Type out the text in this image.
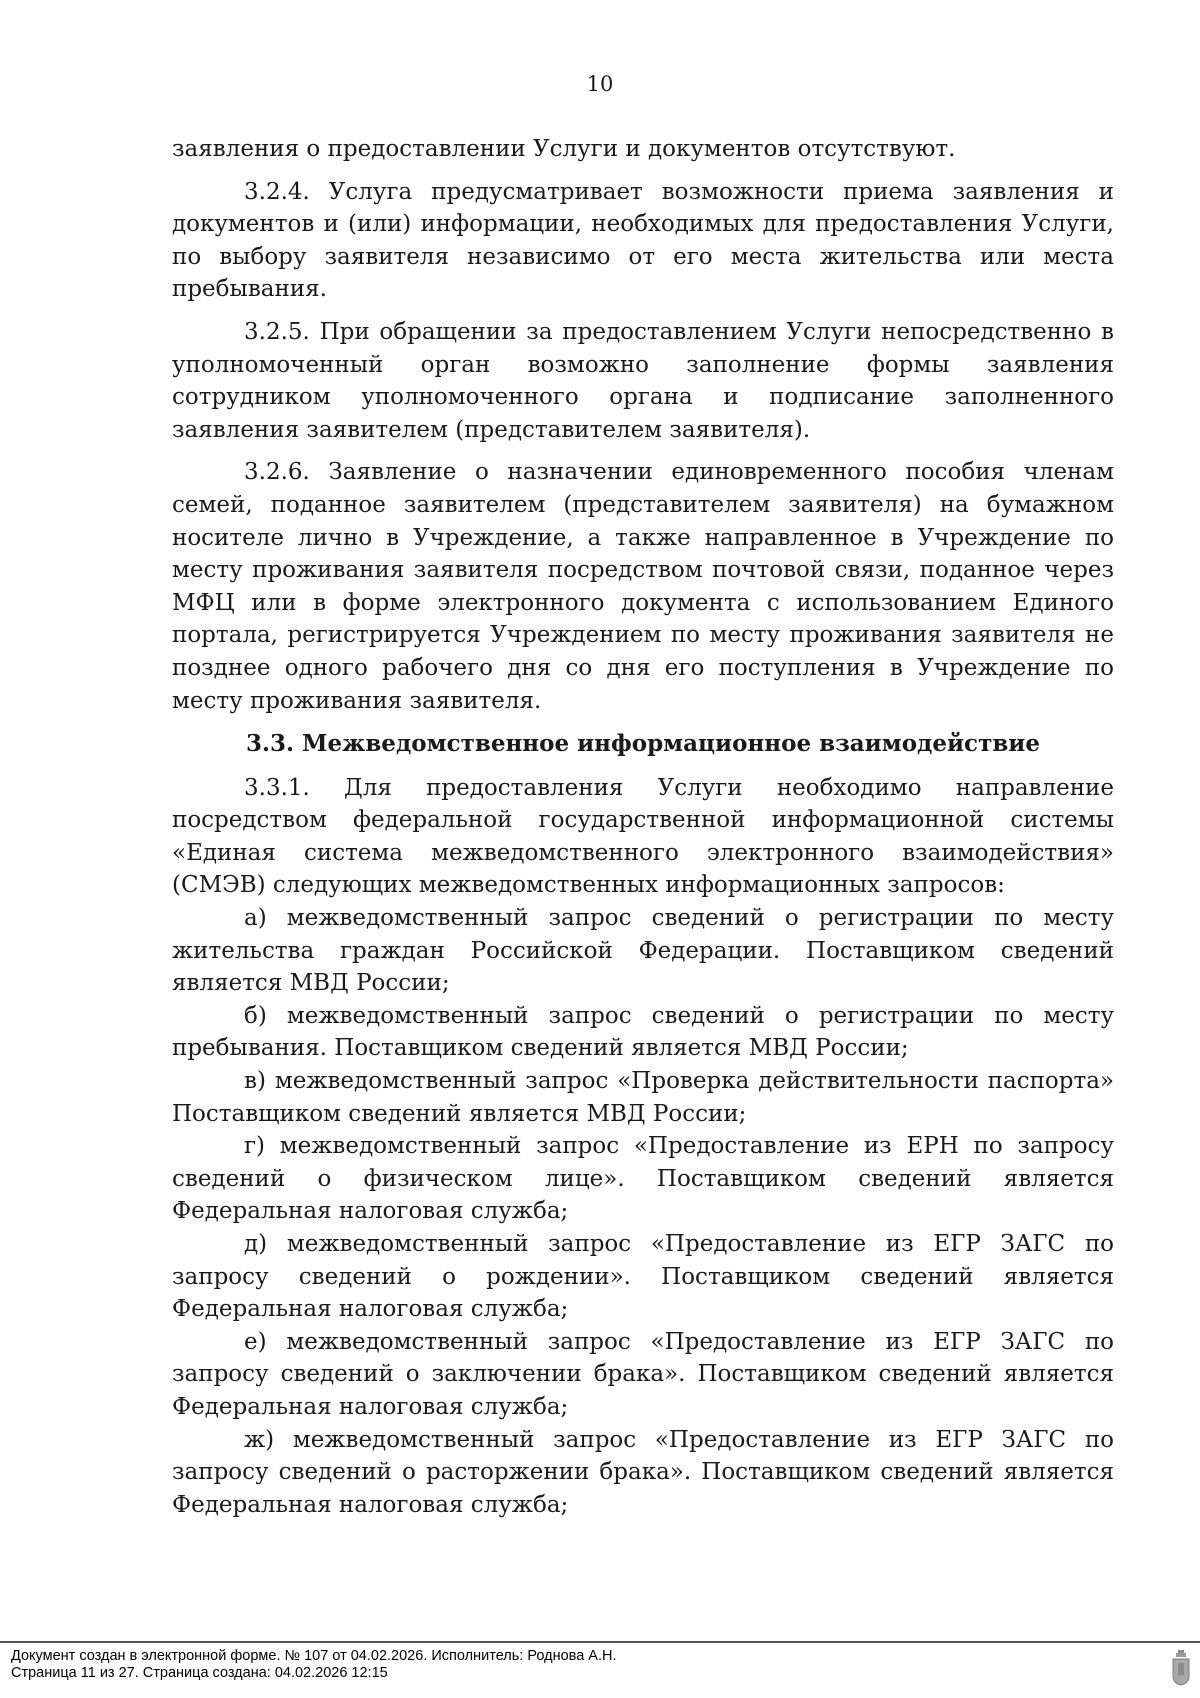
10

заявления о предоставлении Услуги и документов отсутствуют.

3.2.4. Услуга предусматривает возможности приема заявления и документов и (или) информации, необходимых для предоставления Услуги, по выбору заявителя независимо от его места жительства или места пребывания.

3.2.5. При обращении за предоставлением Услуги непосредственно в уполномоченный орган возможно заполнение формы заявления сотрудником уполномоченного органа и подписание заполненного заявления заявителем (представителем заявителя).

3.2.6. Заявление о назначении единовременного пособия членам семей, поданное заявителем (представителем заявителя) на бумажном носителе лично в Учреждение, а также направленное в Учреждение по месту проживания заявителя посредством почтовой связи, поданное через МФЦ или в форме электронного документа с использованием Единого портала, регистрируется Учреждением по месту проживания заявителя не позднее одного рабочего дня со дня его поступления в Учреждение по месту проживания заявителя.

3.3. Межведомственное информационное взаимодействие

3.3.1. Для предоставления Услуги необходимо направление посредством федеральной государственной информационной системы «Единая система межведомственного электронного взаимодействия» (СМЭВ) следующих межведомственных информационных запросов:

а) межведомственный запрос сведений о регистрации по месту жительства граждан Российской Федерации. Поставщиком сведений является МВД России;

б) межведомственный запрос сведений о регистрации по месту пребывания. Поставщиком сведений является МВД России;

в) межведомственный запрос «Проверка действительности паспорта» Поставщиком сведений является МВД России;

г) межведомственный запрос «Предоставление из ЕРН по запросу сведений о физическом лице». Поставщиком сведений является Федеральная налоговая служба;

д) межведомственный запрос «Предоставление из ЕГР ЗАГС по запросу сведений о рождении». Поставщиком сведений является Федеральная налоговая служба;

е) межведомственный запрос «Предоставление из ЕГР ЗАГС по запросу сведений о заключении брака». Поставщиком сведений является Федеральная налоговая служба;

ж) межведомственный запрос «Предоставление из ЕГР ЗАГС по запросу сведений о расторжении брака». Поставщиком сведений является Федеральная налоговая служба;

Документ создан в электронной форме. № 107 от 04.02.2026. Исполнитель: Роднова А.Н.
Страница 11 из 27. Страница создана: 04.02.2026 12:15
